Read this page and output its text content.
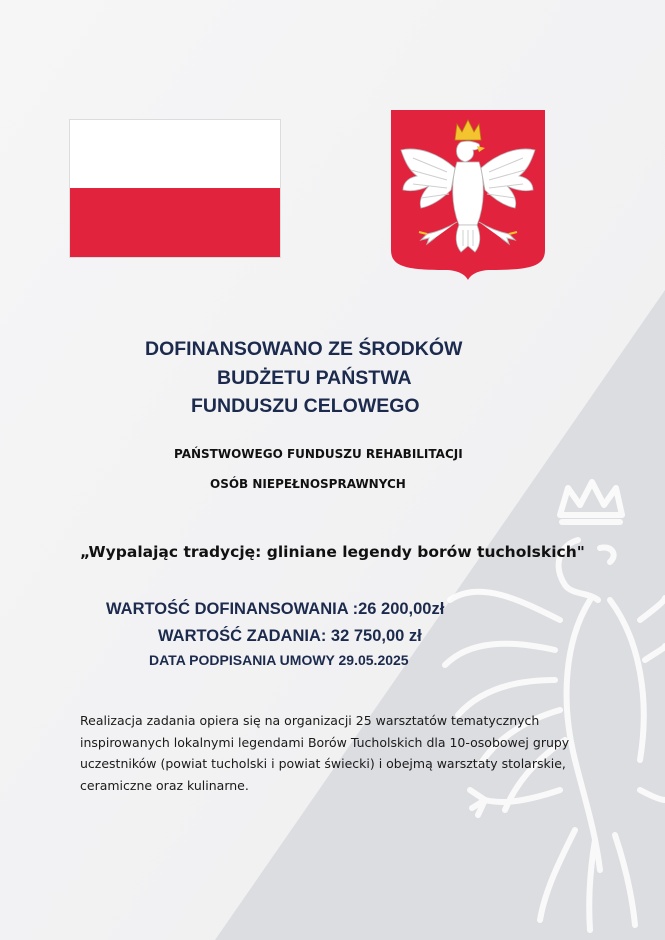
DOFINANSOWANO ZE ŚRODKÓW
BUDŻETU PAŃSTWA
FUNDUSZU CELOWEGO
PAŃSTWOWEGO FUNDUSZU REHABILITACJI
OSÓB NIEPEŁNOSPRAWNYCH
„Wypalając tradycję: gliniane legendy borów tucholskich"
WARTOŚĆ DOFINANSOWANIA :26 200,00zł
WARTOŚĆ ZADANIA: 32 750,00 zł
DATA PODPISANIA UMOWY 29.05.2025
Realizacja zadania opiera się na organizacji 25 warsztatów tematycznych inspirowanych lokalnymi legendami Borów Tucholskich dla 10-osobowej grupy uczestników (powiat tucholski i powiat świecki) i obejmą warsztaty stolarskie, ceramiczne oraz kulinarne.
